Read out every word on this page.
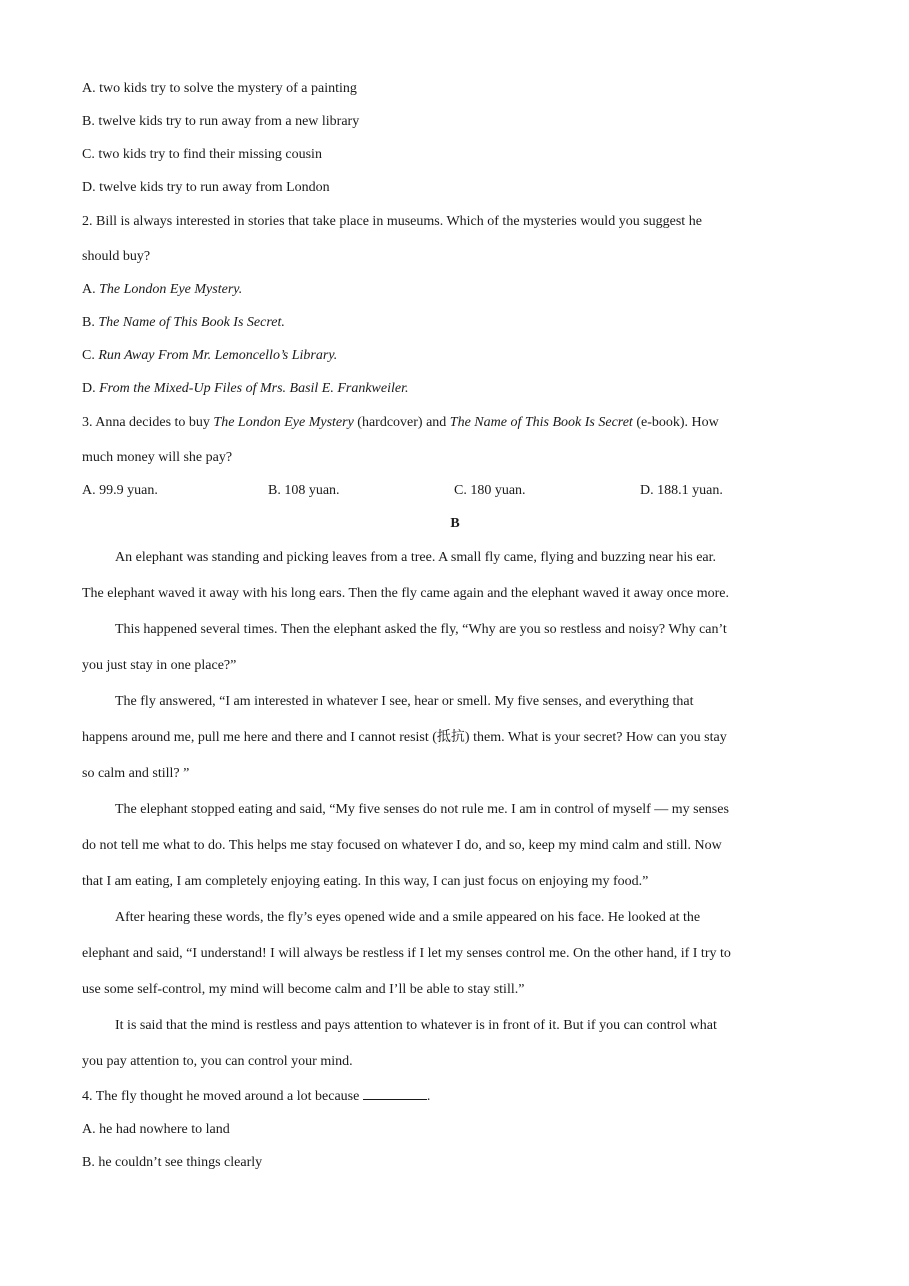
A. two kids try to solve the mystery of a painting
B. twelve kids try to run away from a new library
C. two kids try to find their missing cousin
D. twelve kids try to run away from London
2. Bill is always interested in stories that take place in museums. Which of the mysteries would you suggest he
should buy?
A. The London Eye Mystery.
B. The Name of This Book Is Secret.
C. Run Away From Mr. Lemoncello’s Library.
D. From the Mixed-Up Files of Mrs. Basil E. Frankweiler.
3. Anna decides to buy The London Eye Mystery (hardcover) and The Name of This Book Is Secret (e-book). How
much money will she pay?
A. 99.9 yuan.	B. 108 yuan.	C. 180 yuan.	D. 188.1 yuan.
B
An elephant was standing and picking leaves from a tree. A small fly came, flying and buzzing near his ear.
The elephant waved it away with his long ears. Then the fly came again and the elephant waved it away once more.
This happened several times. Then the elephant asked the fly, “Why are you so restless and noisy? Why can’t
you just stay in one place?”
The fly answered, “I am interested in whatever I see, hear or smell. My five senses, and everything that
happens around me, pull me here and there and I cannot resist (抵抗) them. What is your secret? How can you stay
so calm and still? ”
The elephant stopped eating and said, “My five senses do not rule me. I am in control of myself — my senses
do not tell me what to do. This helps me stay focused on whatever I do, and so, keep my mind calm and still. Now
that I am eating, I am completely enjoying eating. In this way, I can just focus on enjoying my food.”
After hearing these words, the fly’s eyes opened wide and a smile appeared on his face. He looked at the
elephant and said, “I understand! I will always be restless if I let my senses control me. On the other hand, if I try to
use some self-control, my mind will become calm and I’ll be able to stay still.”
It is said that the mind is restless and pays attention to whatever is in front of it. But if you can control what
you pay attention to, you can control your mind.
4. The fly thought he moved around a lot because	.
A. he had nowhere to land
B. he couldn’t see things clearly
